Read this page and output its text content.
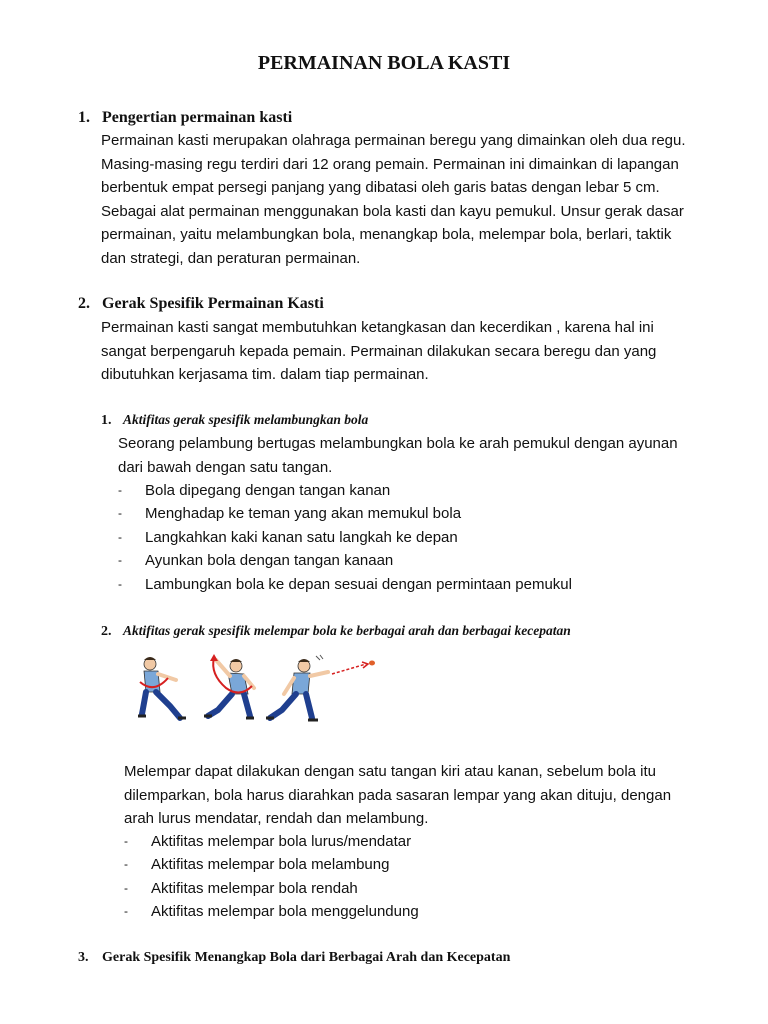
PERMAINAN BOLA KASTI
1. Pengertian permainan kasti

Permainan kasti merupakan olahraga permainan beregu yang dimainkan oleh dua regu.

Masing-masing regu terdiri dari 12 orang pemain. Permainan ini dimainkan di lapangan

berbentuk empat persegi panjang yang dibatasi oleh garis batas dengan lebar 5 cm.

Sebagai alat permainan menggunakan bola kasti dan kayu pemukul. Unsur gerak dasar

permainan, yaitu melambungkan bola, menangkap bola, melempar bola, berlari, taktik

dan strategi, dan peraturan permainan.

2. Gerak Spesifik Permainan Kasti

Permainan kasti sangat membutuhkan ketangkasan dan kecerdikan , karena hal ini

sangat berpengaruh kepada pemain. Permainan dilakukan secara beregu dan yang

dibutuhkan kerjasama tim. dalam tiap permainan.

1. Aktifitas gerak spesifik melambungkan bola

Seorang pelambung bertugas melambungkan bola ke arah pemukul dengan ayunan

dari bawah dengan satu tangan.

- Bola dipegang dengan tangan kanan
- Menghadap ke teman yang akan memukul bola
- Langkahkan kaki kanan satu langkah ke depan
- Ayunkan bola dengan tangan kanaan
- Lambungkan bola ke depan sesuai dengan permintaan pemukul
2. Aktifitas gerak spesifik melempar bola ke berbagai arah dan berbagai kecepatan

Melempar dapat dilakukan dengan satu tangan kiri atau kanan, sebelum bola itu

dilemparkan, bola harus diarahkan pada sasaran lempar yang akan dituju, dengan

arah lurus mendatar, rendah dan melambung.

- Aktifitas melempar bola lurus/mendatar
- Aktifitas melempar bola melambung
- Aktifitas melempar bola rendah
- Aktifitas melempar bola menggelundung
3. Gerak Spesifik Menangkap Bola dari Berbagai Arah dan Kecepatan
